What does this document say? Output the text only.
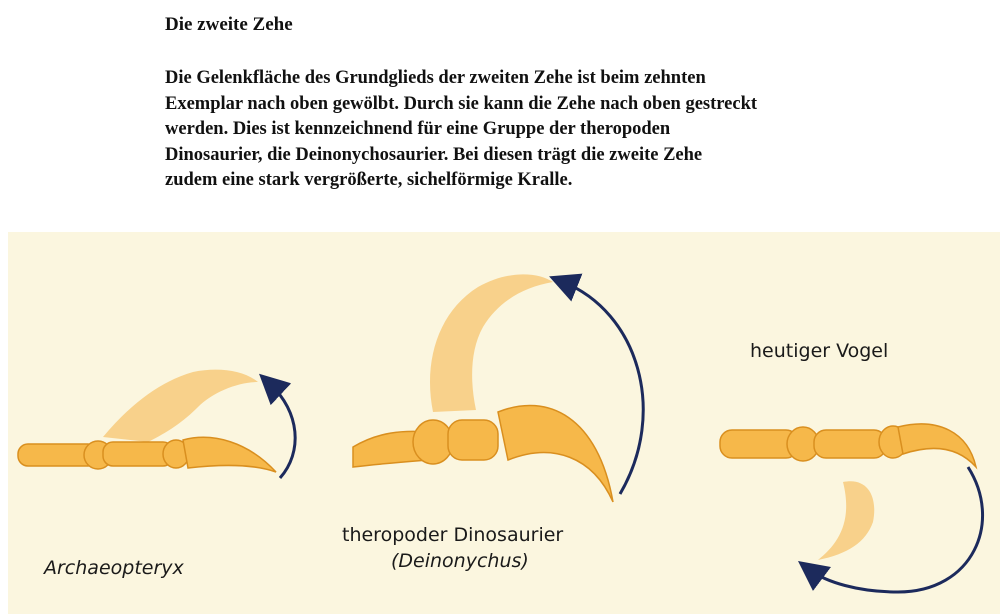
Die zweite Zehe
Die Gelenkfläche des Grundglieds der zweiten Zehe ist beim zehnten
Exemplar nach oben gewölbt. Durch sie kann die Zehe nach oben gestreckt
werden. Dies ist kennzeichnend für eine Gruppe der theropoden
Dinosaurier, die Deinonychosaurier. Bei diesen trägt die zweite Zehe
zudem eine stark vergrößerte, sichelförmige Kralle.
Archaeopteryx
theropoder Dinosaurier
(Deinonychus)
heutiger Vogel
